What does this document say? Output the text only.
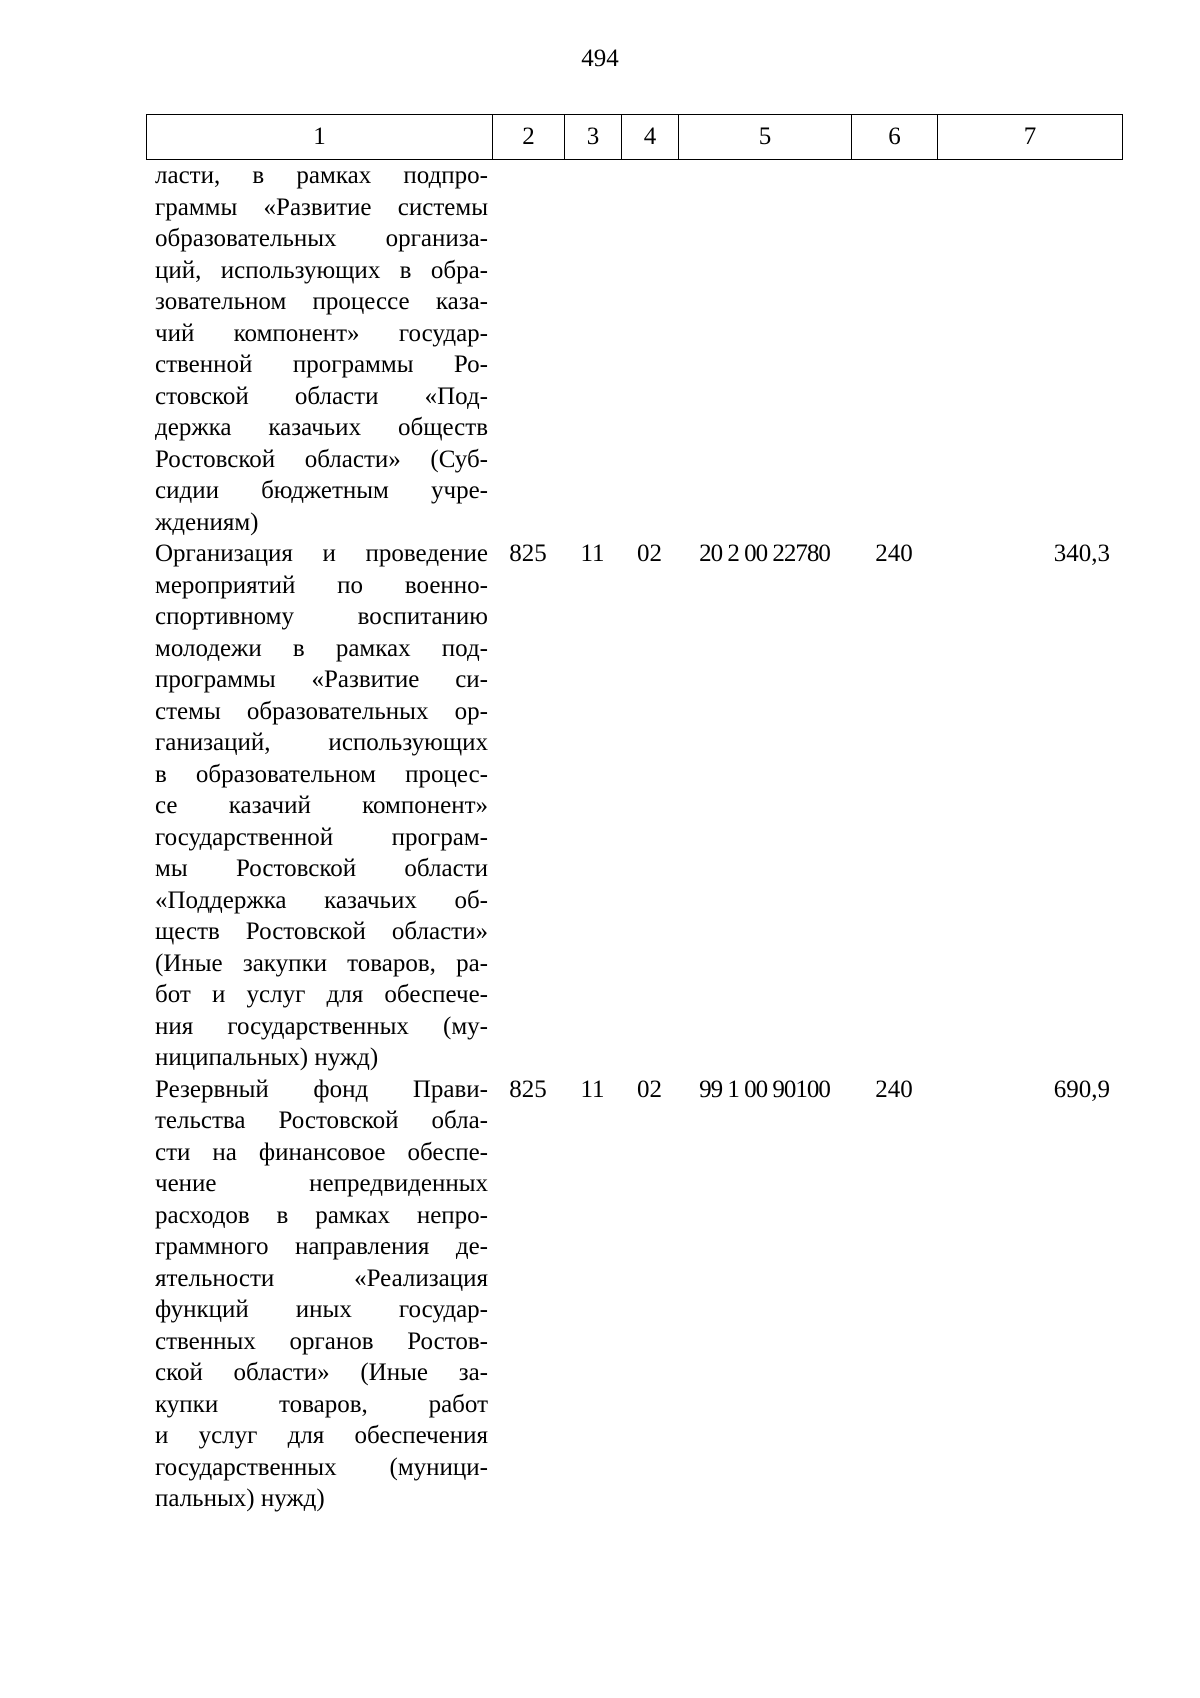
494
1	2	3	4	5	6	7
ласти, в рамках подпро-
граммы «Развитие системы
образовательных организа-
ций, использующих в обра-
зовательном процессе каза-
чий компонент» государ-
ственной программы Ро-
стовской области «Под-
держка казачьих обществ
Ростовской области» (Суб-
сидии бюджетным учре-
ждениям)
Организация и проведение
мероприятий по военно-
спортивному воспитанию
молодежи в рамках под-
программы «Развитие си-
стемы образовательных ор-
ганизаций, использующих
в образовательном процес-
се казачий компонент»
государственной програм-
мы Ростовской области
«Поддержка казачьих об-
ществ Ростовской области»
(Иные закупки товаров, ра-
бот и услуг для обеспече-
ния государственных (му-
ниципальных) нужд)
825	11	02	20 2 00 22780	240	340,3
Резервный фонд Прави-
тельства Ростовской обла-
сти на финансовое обеспе-
чение непредвиденных
расходов в рамках непро-
граммного направления де-
ятельности «Реализация
функций иных государ-
ственных органов Ростов-
ской области» (Иные за-
купки товаров, работ
и услуг для обеспечения
государственных (муници-
пальных) нужд)
825	11	02	99 1 00 90100	240	690,9
